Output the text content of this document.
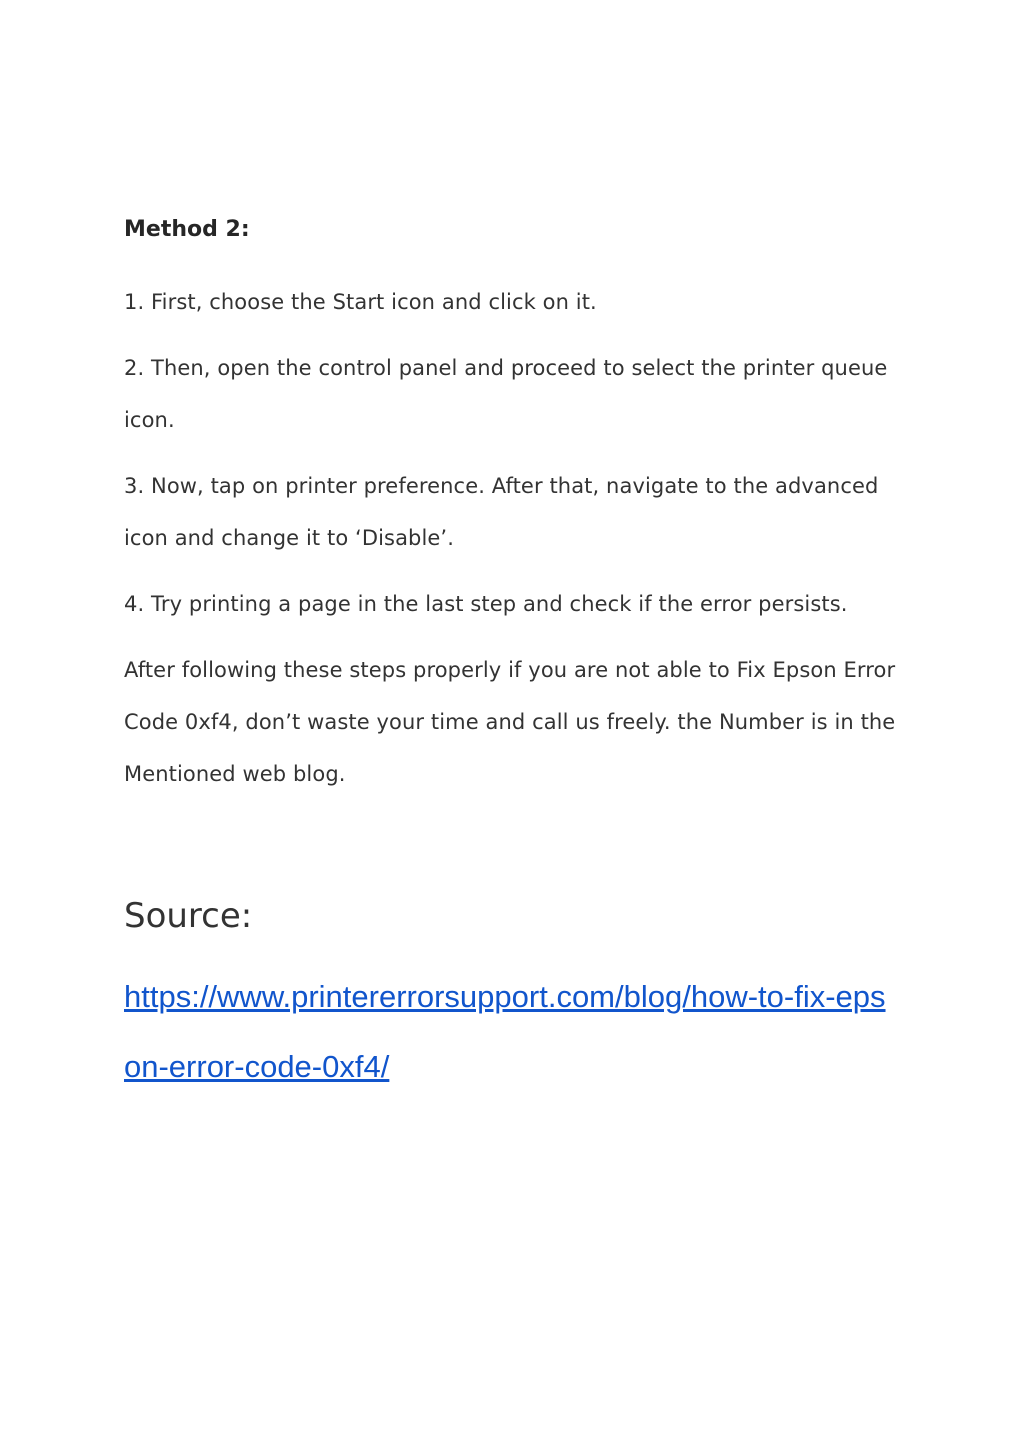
Method 2:
1. First, choose the Start icon and click on it.
2. Then, open the control panel and proceed to select the printer queue icon.
3. Now, tap on printer preference. After that, navigate to the advanced icon and change it to ‘Disable’.
4. Try printing a page in the last step and check if the error persists.
After following these steps properly if you are not able to Fix Epson Error Code 0xf4, don’t waste your time and call us freely. the Number is in the Mentioned web blog.
Source:
https://www.printererrorsupport.com/blog/how-to-fix-epson-error-code-0xf4/
